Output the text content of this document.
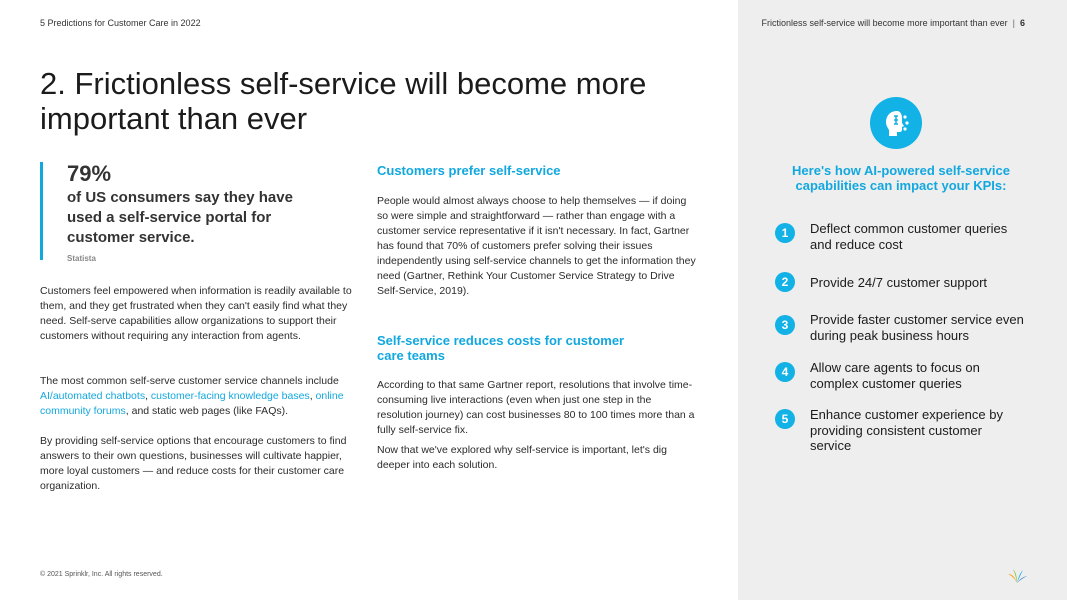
5 Predictions for Customer Care in 2022	Frictionless self-service will become more important than ever | 6
2. Frictionless self-service will become more important than ever
79%
of US consumers say they have used a self-service portal for customer service.
Statista

Customers feel empowered when information is readily available to them, and they get frustrated when they can't easily find what they need. Self-serve capabilities allow organizations to support their customers without requiring any interaction from agents.

The most common self-serve customer service channels include AI/automated chatbots, customer-facing knowledge bases, online community forums, and static web pages (like FAQs).

By providing self-service options that encourage customers to find answers to their own questions, businesses will cultivate happier, more loyal customers — and reduce costs for their customer care organization.

Customers prefer self-service

People would almost always choose to help themselves — if doing so were simple and straightforward — rather than engage with a customer service representative if it isn't necessary. In fact, Gartner has found that 70% of customers prefer solving their issues independently using self-service channels to get the information they need (Gartner, Rethink Your Customer Service Strategy to Drive Self-Service, 2019).

Self-service reduces costs for customer care teams

According to that same Gartner report, resolutions that involve time-consuming live interactions (even when just one step in the resolution journey) can cost businesses 80 to 100 times more than a fully self-service fix.

Now that we've explored why self-service is important, let's dig deeper into each solution.

Here's how AI-powered self-service capabilities can impact your KPIs:
1	Deflect common customer queries and reduce cost
2	Provide 24/7 customer support
3	Provide faster customer service even during peak business hours
4	Allow care agents to focus on complex customer queries
5	Enhance customer experience by providing consistent customer service
© 2021 Sprinklr, Inc. All rights reserved.
